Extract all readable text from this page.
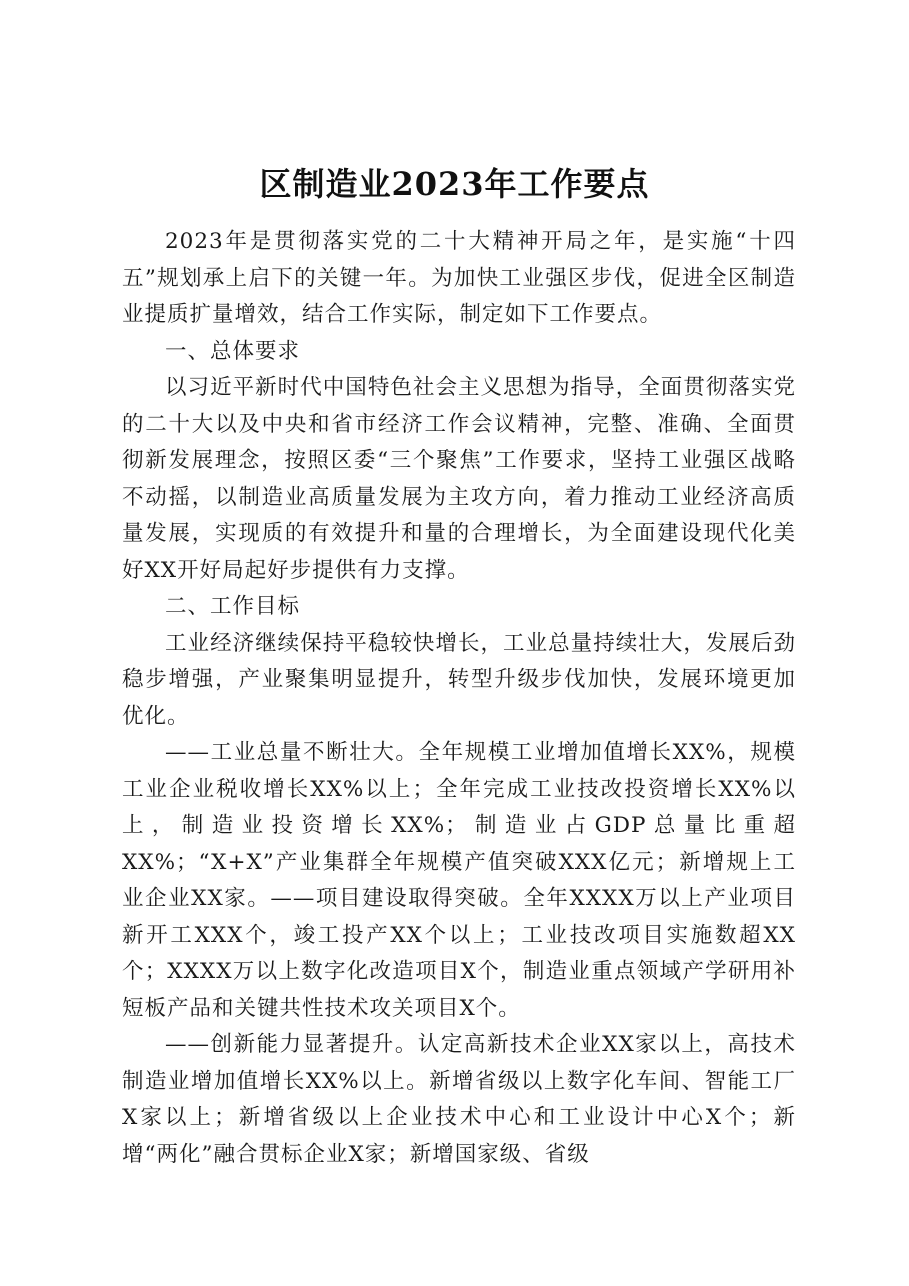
区制造业2023年工作要点

2023年是贯彻落实党的二十大精神开局之年，是实施“十四五”规划承上启下的关键一年。为加快工业强区步伐，促进全区制造业提质扩量增效，结合工作实际，制定如下工作要点。

一、总体要求

以习近平新时代中国特色社会主义思想为指导，全面贯彻落实党的二十大以及中央和省市经济工作会议精神，完整、准确、全面贯彻新发展理念，按照区委“三个聚焦”工作要求，坚持工业强区战略不动摇，以制造业高质量发展为主攻方向，着力推动工业经济高质量发展，实现质的有效提升和量的合理增长，为全面建设现代化美好XX开好局起好步提供有力支撑。

二、工作目标

工业经济继续保持平稳较快增长，工业总量持续壮大，发展后劲稳步增强，产业聚集明显提升，转型升级步伐加快，发展环境更加优化。

——工业总量不断壮大。全年规模工业增加值增长XX%，规模工业企业税收增长XX%以上；全年完成工业技改投资增长XX%以上，制造业投资增长XX%；制造业占GDP总量比重超XX%；“X+X”产业集群全年规模产值突破XXX亿元；新增规上工业企业XX家。——项目建设取得突破。全年XXXX万以上产业项目新开工XXX个，竣工投产XX个以上；工业技改项目实施数超XX个；XXXX万以上数字化改造项目X个，制造业重点领域产学研用补短板产品和关键共性技术攻关项目X个。

——创新能力显著提升。认定高新技术企业XX家以上，高技术制造业增加值增长XX%以上。新增省级以上数字化车间、智能工厂X家以上；新增省级以上企业技术中心和工业设计中心X个；新增“两化”融合贯标企业X家；新增国家级、省级
